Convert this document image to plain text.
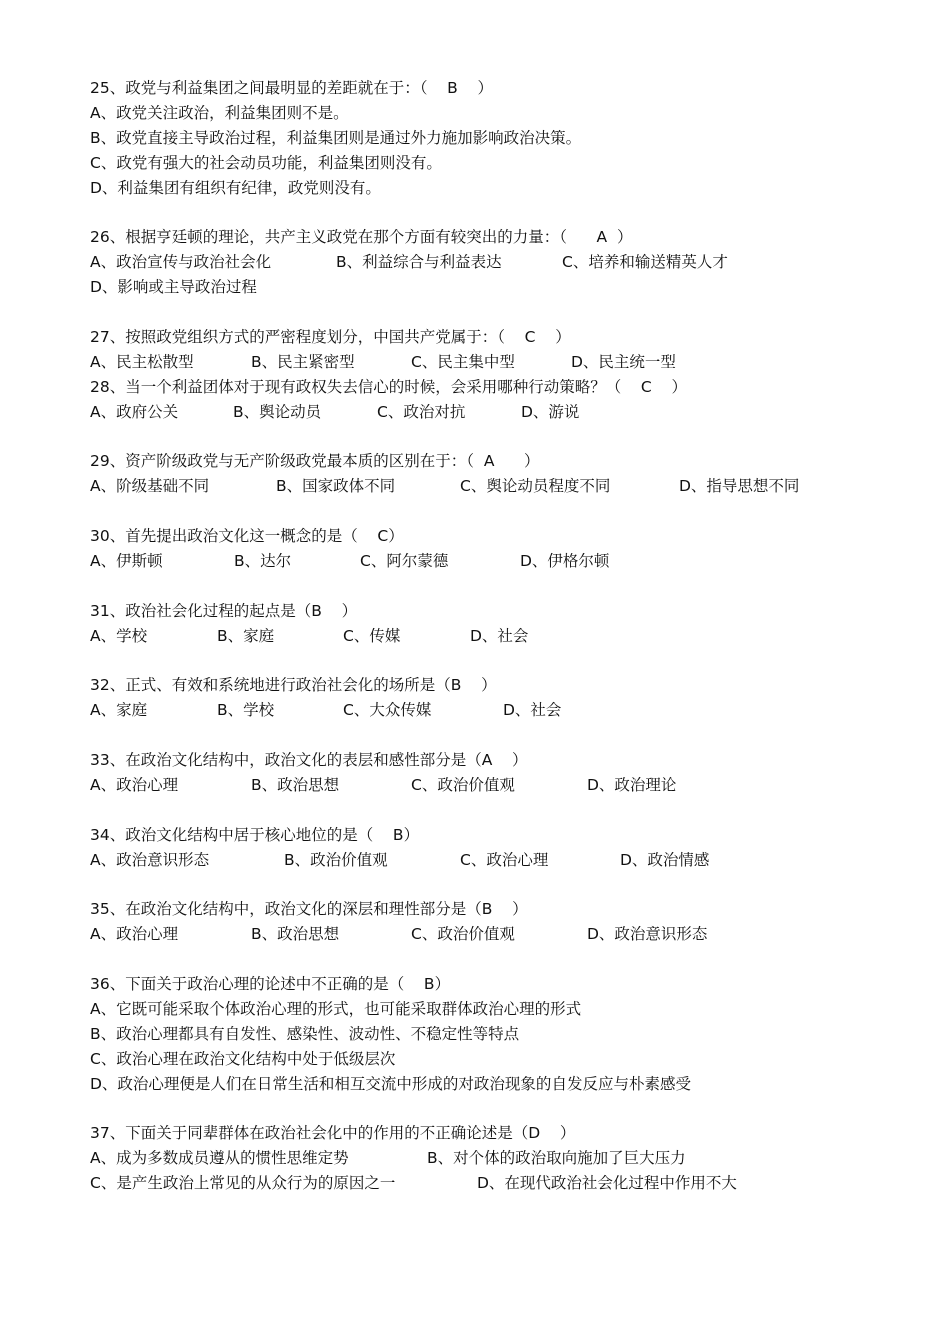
25、政党与利益集团之间最明显的差距就在于：（    B    ）
A、政党关注政治，利益集团则不是。
B、政党直接主导政治过程，利益集团则是通过外力施加影响政治决策。
C、政党有强大的社会动员功能，利益集团则没有。
D、利益集团有组织有纪律，政党则没有。
26、根据亨廷顿的理论，共产主义政党在那个方面有较突出的力量：（      A  ）
A、政治宣传与政治社会化	B、利益综合与利益表达	C、培养和输送精英人才
D、影响或主导政治过程
27、按照政党组织方式的严密程度划分，中国共产党属于：（    C    ）
A、民主松散型	B、民主紧密型	C、民主集中型	D、民主统一型
28、当一个利益团体对于现有政权失去信心的时候，会采用哪种行动策略？（    C    ）
A、政府公关	B、舆论动员	C、政治对抗	D、游说
29、资产阶级政党与无产阶级政党最本质的区别在于：（  A      ）
A、阶级基础不同	B、国家政体不同	C、舆论动员程度不同	D、指导思想不同
30、首先提出政治文化这一概念的是（    C）
A、伊斯顿	B、达尔	C、阿尔蒙德	D、伊格尔顿
31、政治社会化过程的起点是（B    ）
A、学校	B、家庭	C、传媒	D、社会
32、正式、有效和系统地进行政治社会化的场所是（B    ）
A、家庭	B、学校	C、大众传媒	D、社会
33、在政治文化结构中，政治文化的表层和感性部分是（A    ）
A、政治心理	B、政治思想	C、政治价值观	D、政治理论
34、政治文化结构中居于核心地位的是（    B）
A、政治意识形态	B、政治价值观	C、政治心理	D、政治情感
35、在政治文化结构中，政治文化的深层和理性部分是（B    ）
A、政治心理	B、政治思想	C、政治价值观	D、政治意识形态
36、下面关于政治心理的论述中不正确的是（    B）
A、它既可能采取个体政治心理的形式，也可能采取群体政治心理的形式
B、政治心理都具有自发性、感染性、波动性、不稳定性等特点
C、政治心理在政治文化结构中处于低级层次
D、政治心理便是人们在日常生活和相互交流中形成的对政治现象的自发反应与朴素感受
37、下面关于同辈群体在政治社会化中的作用的不正确论述是（D    ）
A、成为多数成员遵从的惯性思维定势	B、对个体的政治取向施加了巨大压力
C、是产生政治上常见的从众行为的原因之一	D、在现代政治社会化过程中作用不大
